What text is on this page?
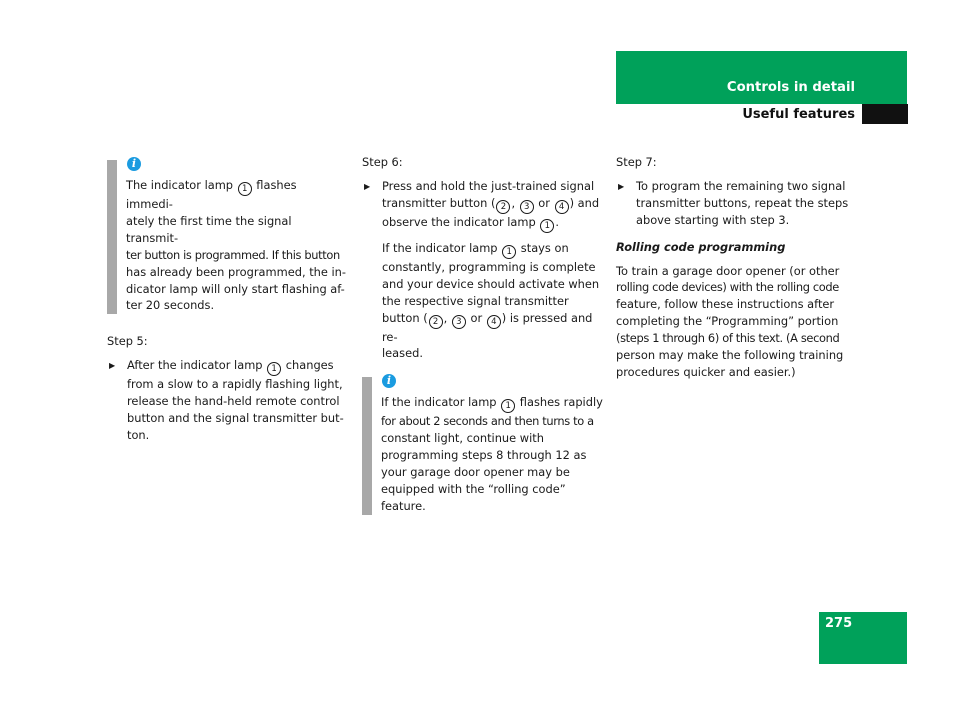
Controls in detail
Useful features
i

The indicator lamp 1 flashes immedi-
ately the first time the signal transmit-
ter button is programmed. If this button
has already been programmed, the in-
dicator lamp will only start flashing af-
ter 20 seconds.

Step 5:

▶ After the indicator lamp 1 changes
from a slow to a rapidly flashing light,
release the hand-held remote control
button and the signal transmitter but-
ton.

Step 6:

▶ Press and hold the just-trained signal
transmitter button ( 2 , 3 or 4 ) and
observe the indicator lamp 1 .

If the indicator lamp 1 stays on
constantly, programming is complete
and your device should activate when
the respective signal transmitter
button ( 2 , 3 or 4 ) is pressed and re-
leased.

i

If the indicator lamp 1 flashes rapidly
for about 2 seconds and then turns to a
constant light, continue with
programming steps 8 through 12 as
your garage door opener may be
equipped with the “rolling code”
feature.

Step 7:

▶ To program the remaining two signal
transmitter buttons, repeat the steps
above starting with step 3.

Rolling code programming

To train a garage door opener (or other
rolling code devices) with the rolling code
feature, follow these instructions after
completing the “Programming” portion
(steps 1 through 6) of this text. (A second
person may make the following training
procedures quicker and easier.)

275
